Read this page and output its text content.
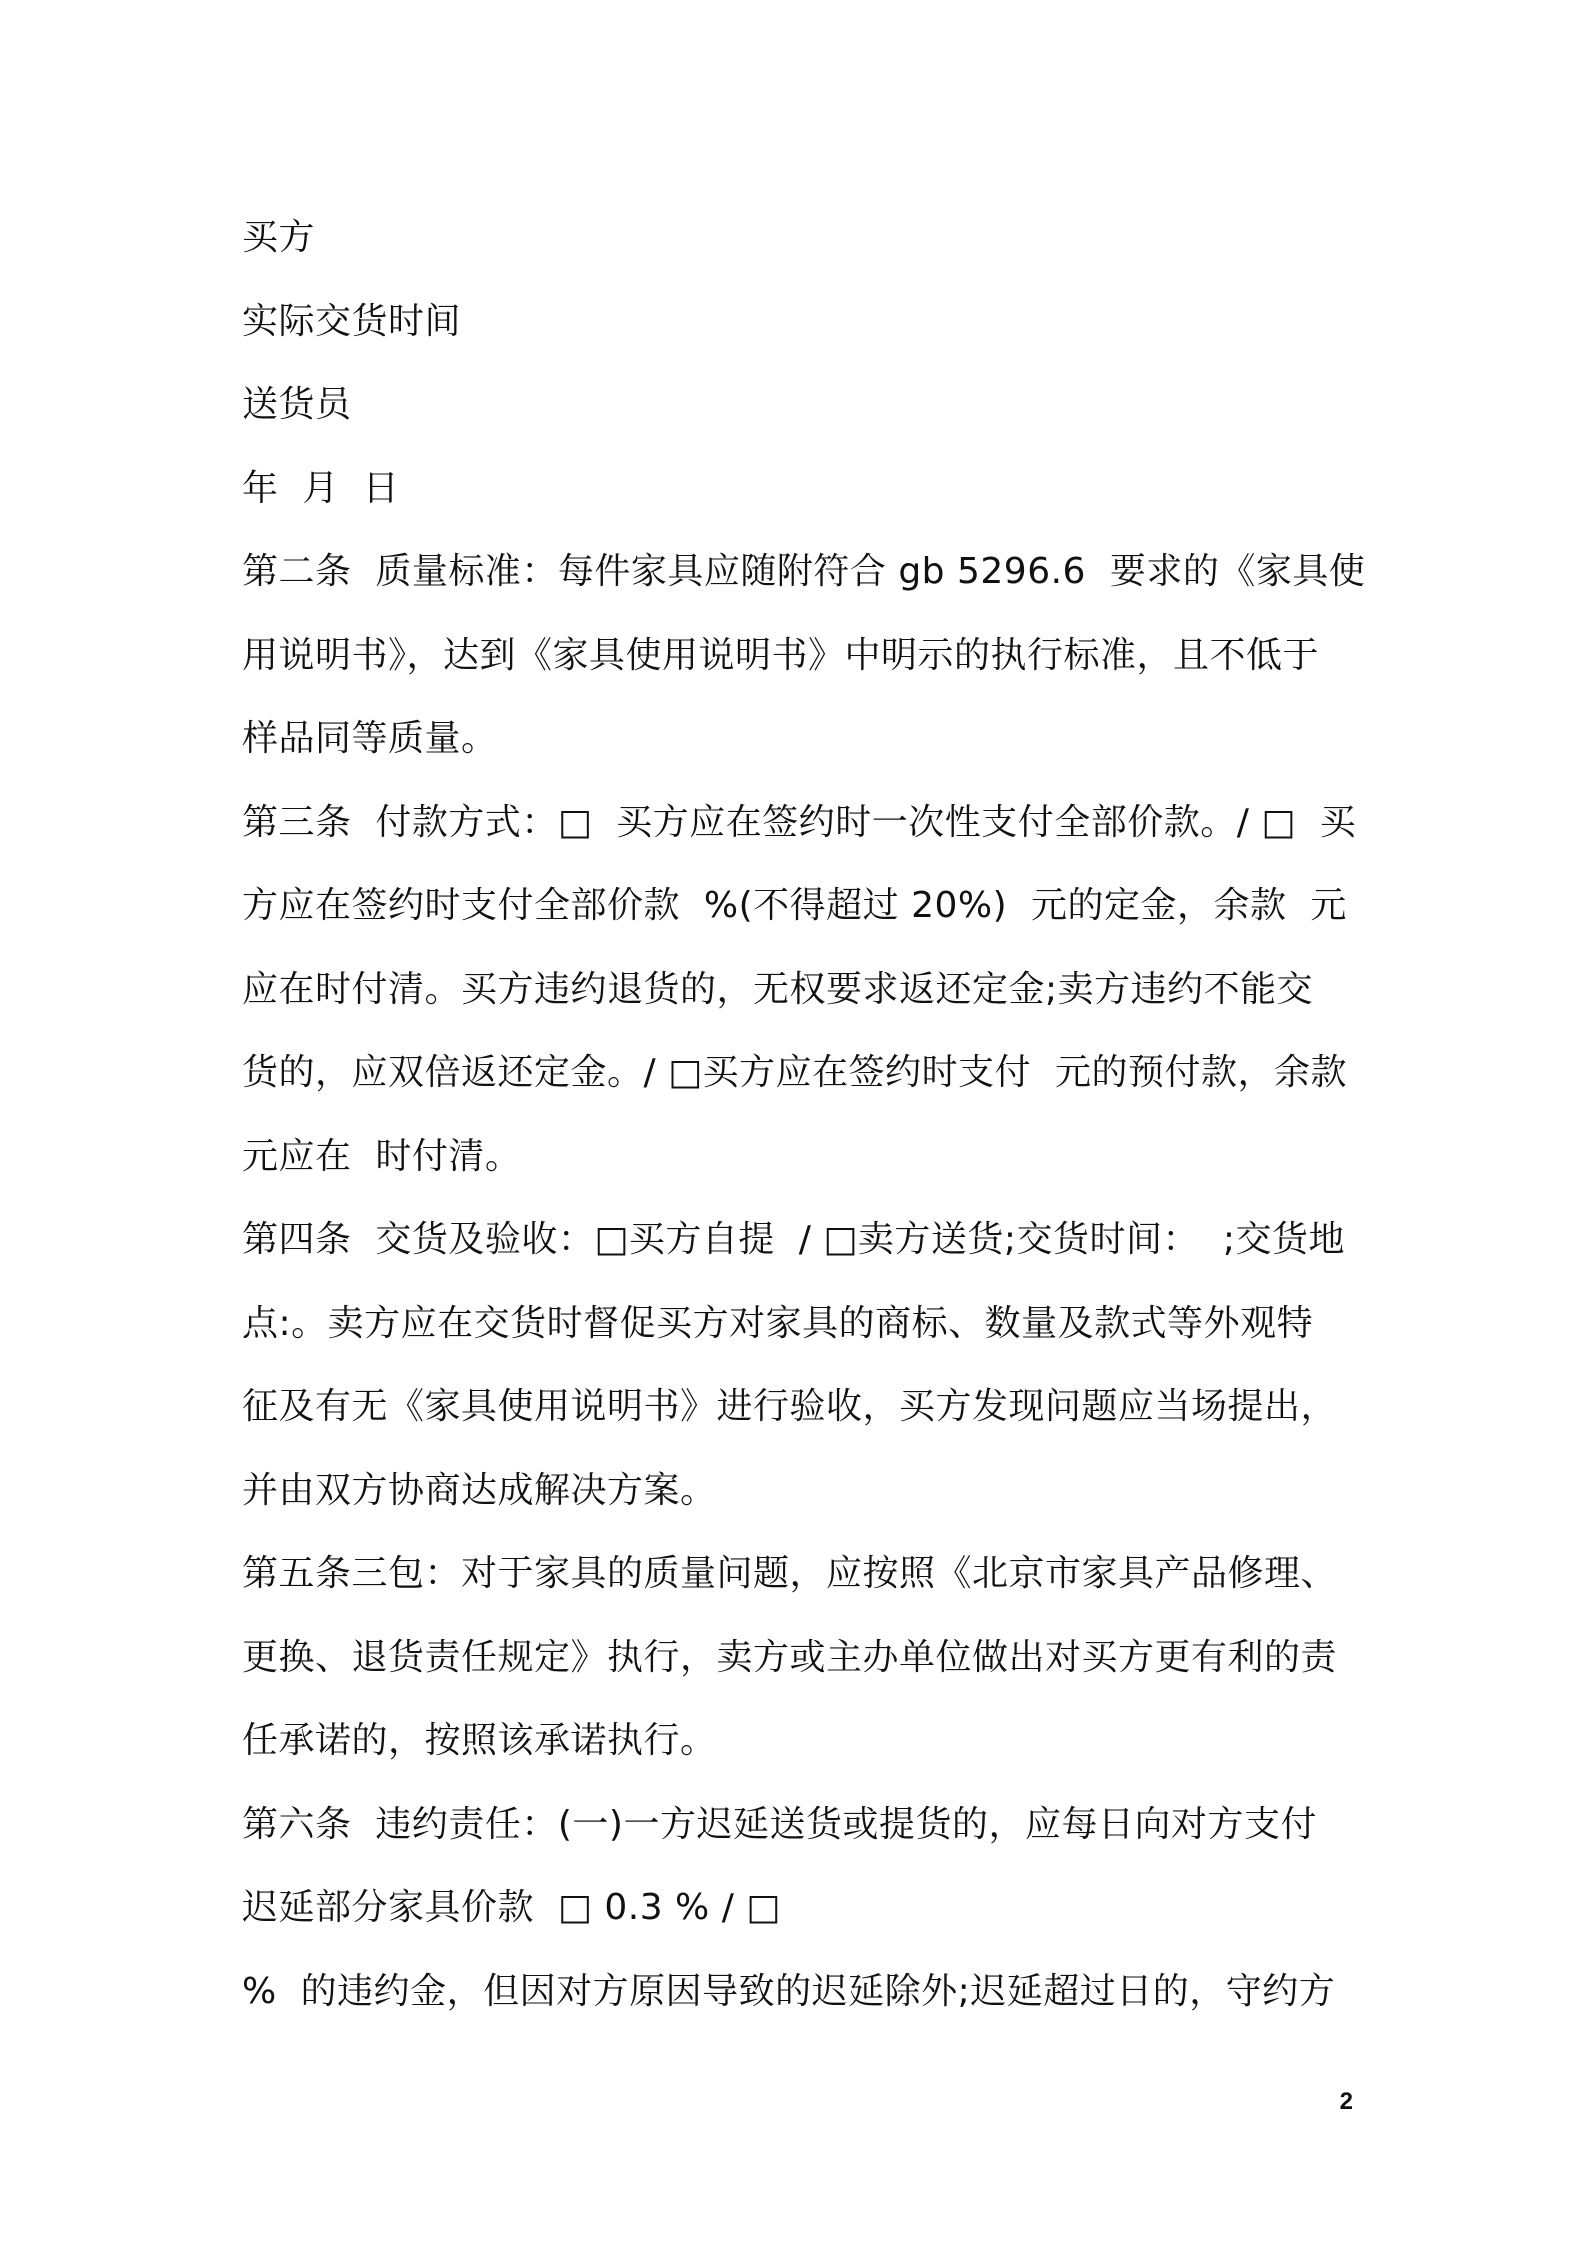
买方

实际交货时间

送货员

年  月  日

第二条  质量标准：每件家具应随附符合 gb 5296.6  要求的《家具使

用说明书》，达到《家具使用说明书》中明示的执行标准，且不低于

样品同等质量。

第三条  付款方式：□  买方应在签约时一次性支付全部价款。/ □  买

方应在签约时支付全部价款  %(不得超过 20%)  元的定金，余款  元

应在时付清。买方违约退货的，无权要求返还定金;卖方违约不能交

货的，应双倍返还定金。/ □买方应在签约时支付  元的预付款，余款

元应在  时付清。

第四条  交货及验收：□买方自提  / □卖方送货;交货时间：  ;交货地

点:。卖方应在交货时督促买方对家具的商标、数量及款式等外观特

征及有无《家具使用说明书》进行验收，买方发现问题应当场提出，

并由双方协商达成解决方案。

第五条三包：对于家具的质量问题，应按照《北京市家具产品修理、

更换、退货责任规定》执行，卖方或主办单位做出对买方更有利的责

任承诺的，按照该承诺执行。

第六条  违约责任：(一)一方迟延送货或提货的，应每日向对方支付

迟延部分家具价款  □ 0.3 % / □

%  的违约金，但因对方原因导致的迟延除外;迟延超过日的，守约方

2
